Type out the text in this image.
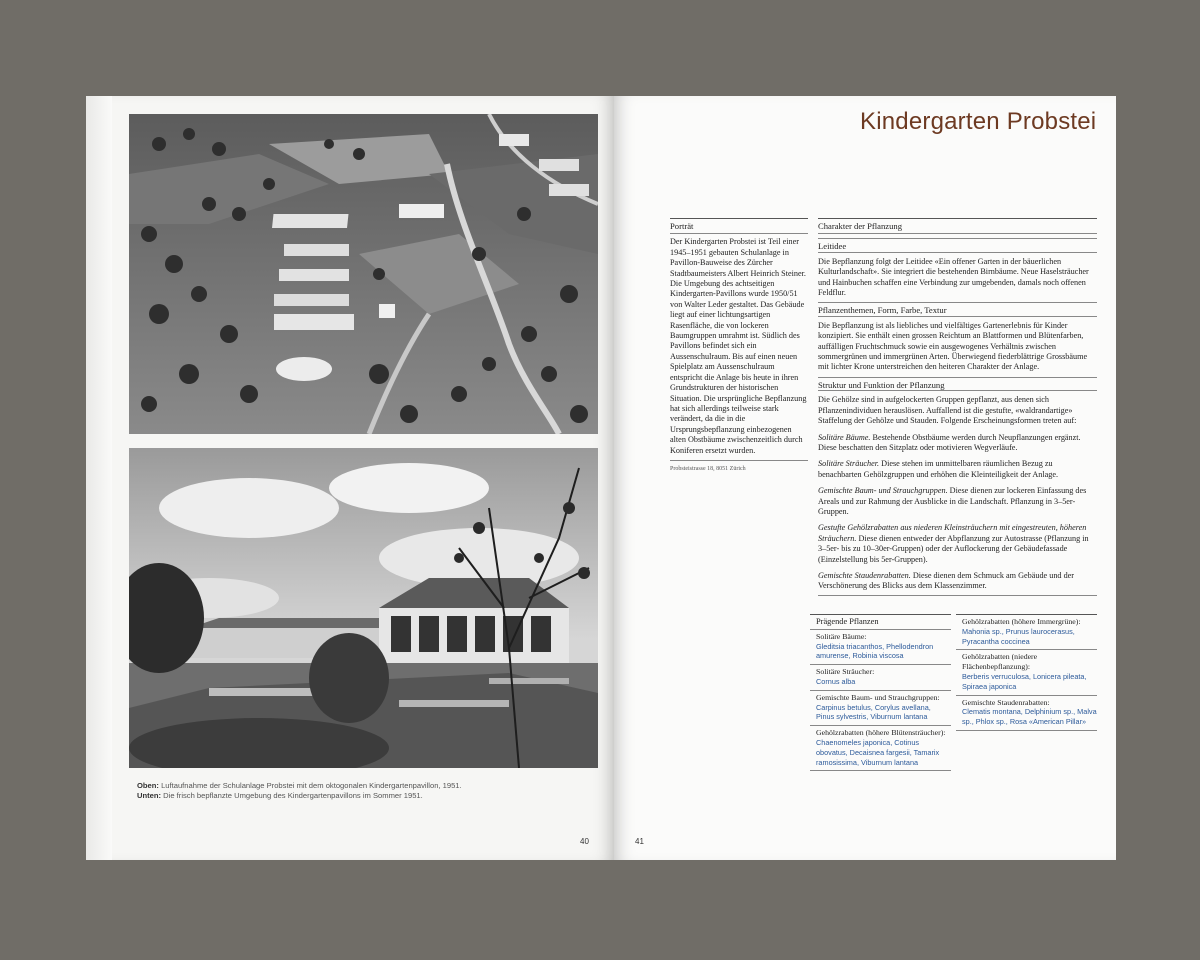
Oben: Luftaufnahme der Schulanlage Probstei mit dem oktogonalen Kindergartenpavillon, 1951.
Unten: Die frisch bepflanzte Umgebung des Kindergartenpavillons im Sommer 1951.
40
Kindergarten Probstei
Porträt

Der Kindergarten Probstei ist Teil einer 1945–1951 gebauten Schulanlage in Pavillon-Bauweise des Zürcher Stadtbaumeisters Albert Heinrich Steiner. Die Umgebung des achtseitigen Kindergarten-Pavillons wurde 1950/51 von Walter Leder gestaltet. Das Gebäude liegt auf einer lichtungsartigen Rasenfläche, die von lockeren Baumgruppen umrahmt ist. Südlich des Pavillons befindet sich ein Aussenschulraum. Bis auf einen neuen Spielplatz am Aussenschulraum entspricht die Anlage bis heute in ihren Grundstrukturen der historischen Situation. Die ursprüngliche Bepflanzung hat sich allerdings teilweise stark verändert, da die in die Ursprungsbepflanzung einbezogenen alten Obstbäume zwischenzeitlich durch Koniferen ersetzt wurden.

Probsteistrasse 18, 8051 Zürich
Charakter der Pflanzung
Leitidee

Die Bepflanzung folgt der Leitidee «Ein offener Garten in der bäuerlichen Kulturlandschaft». Sie integriert die bestehenden Birnbäume. Neue Haselsträucher und Hainbuchen schaffen eine Verbindung zur umgebenden, damals noch offenen Feldflur.

Pflanzenthemen, Form, Farbe, Textur

Die Bepflanzung ist als liebliches und vielfältiges Gartenerlebnis für Kinder konzipiert. Sie enthält einen grossen Reichtum an Blattformen und Blütenfarben, auffälligen Fruchtschmuck sowie ein ausgewogenes Verhältnis zwischen sommergrünen und immergrünen Arten. Überwiegend fiederblättrige Grossbäume mit lichter Krone unterstreichen den heiteren Charakter der Anlage.

Struktur und Funktion der Pflanzung

Die Gehölze sind in aufgelockerten Gruppen gepflanzt, aus denen sich Pflanzenindividuen herauslösen. Auffallend ist die gestufte, «waldrandartige» Staffelung der Gehölze und Stauden. Folgende Erscheinungsformen treten auf:

Solitäre Bäume. Bestehende Obstbäume werden durch Neupflanzungen ergänzt. Diese beschatten den Sitzplatz oder motivieren Wegverläufe.

Solitäre Sträucher. Diese stehen im unmittelbaren räumlichen Bezug zu benachbarten Gehölzgruppen und erhöhen die Kleinteiligkeit der Anlage.

Gemischte Baum- und Strauchgruppen. Diese dienen zur lockeren Einfassung des Areals und zur Rahmung der Ausblicke in die Landschaft. Pflanzung in 3–5er-Gruppen.

Gestufte Gehölzrabatten aus niederen Kleinsträuchern mit eingestreuten, höheren Sträuchern. Diese dienen entweder der Abpflanzung zur Autostrasse (Pflanzung in 3–5er- bis zu 10–30er-Gruppen) oder der Auflockerung der Gebäudefassade (Einzelstellung bis 5er-Gruppen).

Gemischte Staudenrabatten. Diese dienen dem Schmuck am Gebäude und der Verschönerung des Blicks aus dem Klassenzimmer.

Prägende Pflanzen
Solitäre Bäume:
Gleditsia triacanthos, Phellodendron amurense, Robinia viscosa
Solitäre Sträucher:
Cornus alba
Gemischte Baum- und Strauchgruppen:
Carpinus betulus, Corylus avellana, Pinus sylvestris, Viburnum lantana
Gehölzrabatten (höhere Blütensträucher):
Chaenomeles japonica, Cotinus obovatus, Decaisnea fargesii, Tamarix ramosissima, Viburnum lantana
Gehölzrabatten (höhere Immergrüne):
Mahonia sp., Prunus laurocerasus, Pyracantha coccinea
Gehölzrabatten (niedere Flächenbepflanzung):
Berberis verruculosa, Lonicera pileata, Spiraea japonica
Gemischte Staudenrabatten:
Clematis montana, Delphinium sp., Malva sp., Phlox sp., Rosa «American Pillar»
41
